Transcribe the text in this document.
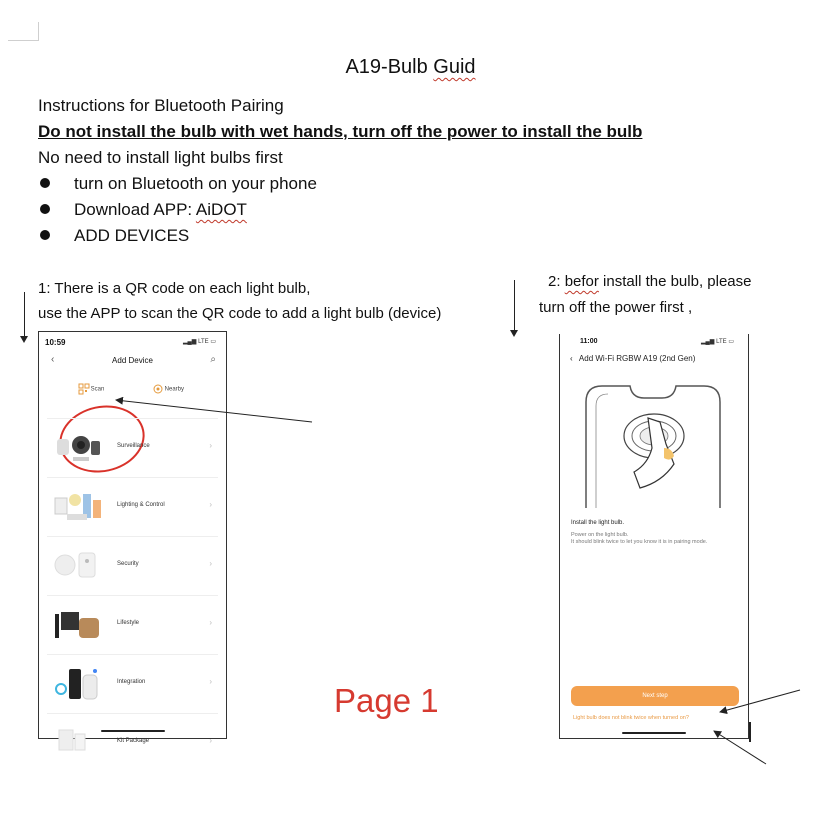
A19-Bulb Guid
Instructions for Bluetooth Pairing
Do not install the bulb with wet hands, turn off the power to install the bulb
No need to install light bulbs first
turn on Bluetooth on your phone
Download APP: AiDOT
ADD DEVICES
1: There is a QR code on each light bulb,
use the APP to scan the QR code to add a light bulb (device)
2: befor install the bulb, please
turn off the power first ,
10:59	▂▄▆ LTE ▭
‹	Add Device	⌕
Scan	Nearby
Surveillance	›
Lighting & Control	›
Security	›
Lifestyle	›
Integration	›
Kit Package	›
11:00	▂▄▆ LTE ▭
‹ Add Wi-Fi RGBW A19 (2nd Gen)
Install the light bulb.
Power on the light bulb.
It should blink twice to let you know it is in pairing mode.
Next step
Light bulb does not blink twice when turned on?
Page 1
